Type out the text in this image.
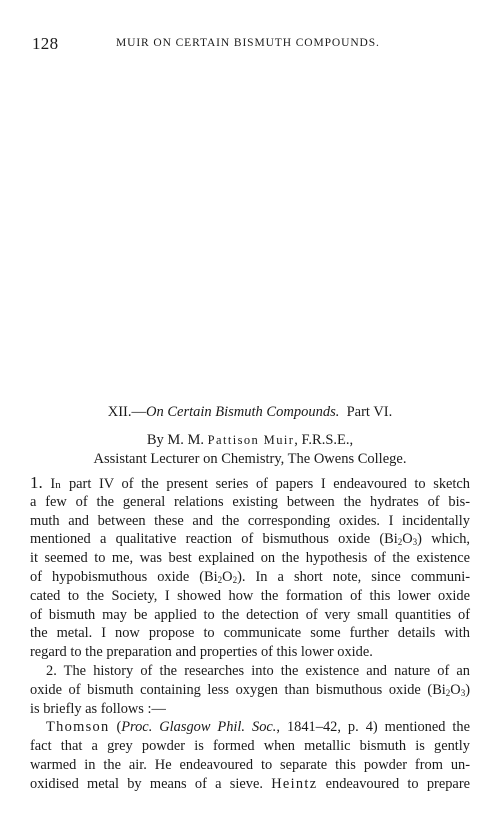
128	MUIR ON CERTAIN BISMUTH COMPOUNDS.
XII.—On Certain Bismuth Compounds. Part VI.
By M. M. Pattison Muir, F.R.S.E.,
Assistant Lecturer on Chemistry, The Owens College.
1. In part IV of the present series of papers I endeavoured to sketch
a few of the general relations existing between the hydrates of bis-
muth and between these and the corresponding oxides. I incidentally
mentioned a qualitative reaction of bismuthous oxide $(Bi_2O_3)$ which,
it seemed to me, was best explained on the hypothesis of the existence
of hypobismuthous oxide $(Bi_2O_2)$. In a short note, since communi-
cated to the Society, I showed how the formation of this lower oxide
of bismuth may be applied to the detection of very small quantities of
the metal. I now propose to communicate some further details with
regard to the preparation and properties of this lower oxide.
2. The history of the researches into the existence and nature of an
oxide of bismuth containing less oxygen than bismuthous oxide $(Bi_2O_3)$
is briefly as follows :—
Thomson (Proc. Glasgow Phil. Soc., 1841–42, p. 4) mentioned the
fact that a grey powder is formed when metallic bismuth is gently
warmed in the air. He endeavoured to separate this powder from un-
oxidised metal by means of a sieve. Heintz endeavoured to prepare
